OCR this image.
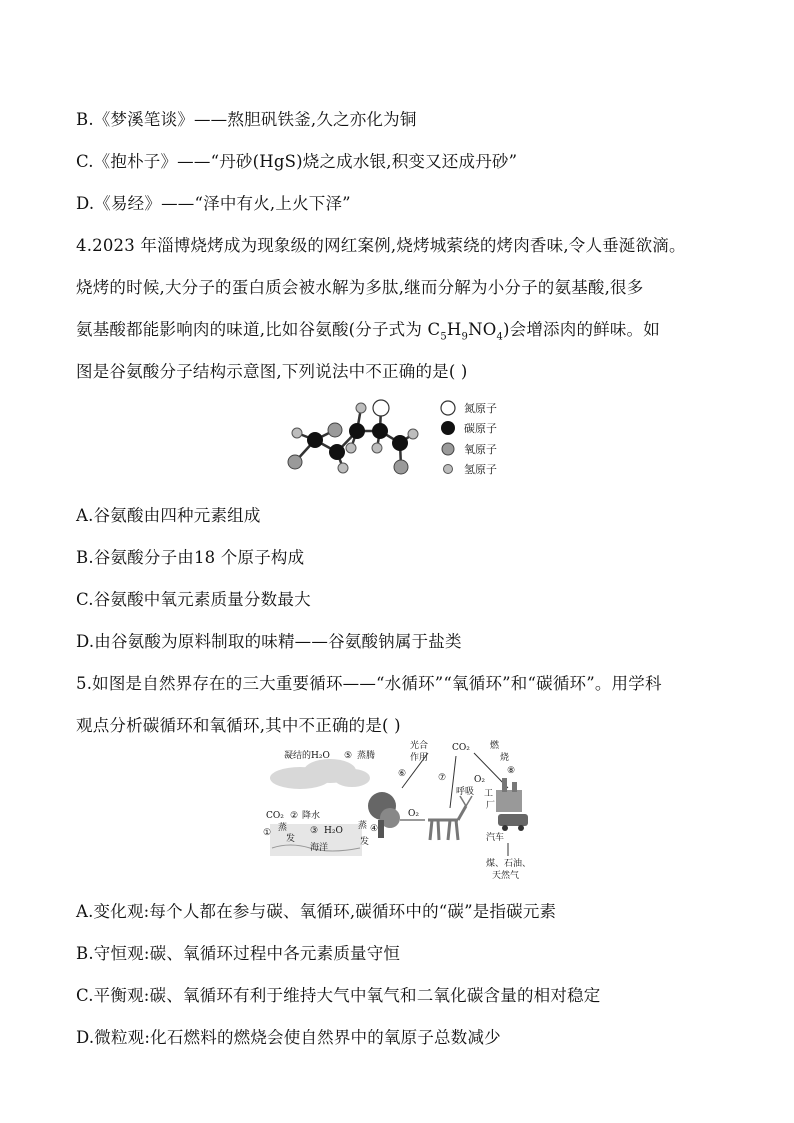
B.《梦溪笔谈》——熬胆矾铁釜,久之亦化为铜
C.《抱朴子》——“丹砂(HgS)烧之成水银,积变又还成丹砂”
D.《易经》——“泽中有火,上火下泽”
4.2023 年淄博烧烤成为现象级的网红案例,烧烤城萦绕的烤肉香味,令人垂涎欲滴。
烧烤的时候,大分子的蛋白质会被水解为多肽,继而分解为小分子的氨基酸,很多
氨基酸都能影响肉的味道,比如谷氨酸(分子式为 $C_5H_9NO_4$)会增添肉的鲜味。如
图是谷氨酸分子结构示意图,下列说法中不正确的是( )
氮原子
碳原子
氧原子
氢原子
A.谷氨酸由四种元素组成
B.谷氨酸分子由18 个原子构成
C.谷氨酸中氧元素质量分数最大
D.由谷氨酸为原料制取的味精——谷氨酸钠属于盐类
5.如图是自然界存在的三大重要循环——“水循环”“氧循环”和“碳循环”。用学科
观点分析碳循环和氧循环,其中不正确的是( )
凝结的H₂O ⑤ 蒸腾
CO₂ ② 降水
① 蒸
发
③ H₂O
海洋
④
蒸
发
光合
作用
⑥
CO₂ 燃
烧
⑧
⑦	O₂
O₂
呼吸 工
厂
汽车
煤、石油、
天然气
A.变化观:每个人都在参与碳、氧循环,碳循环中的“碳”是指碳元素
B.守恒观:碳、氧循环过程中各元素质量守恒
C.平衡观:碳、氧循环有利于维持大气中氧气和二氧化碳含量的相对稳定
D.微粒观:化石燃料的燃烧会使自然界中的氧原子总数减少
